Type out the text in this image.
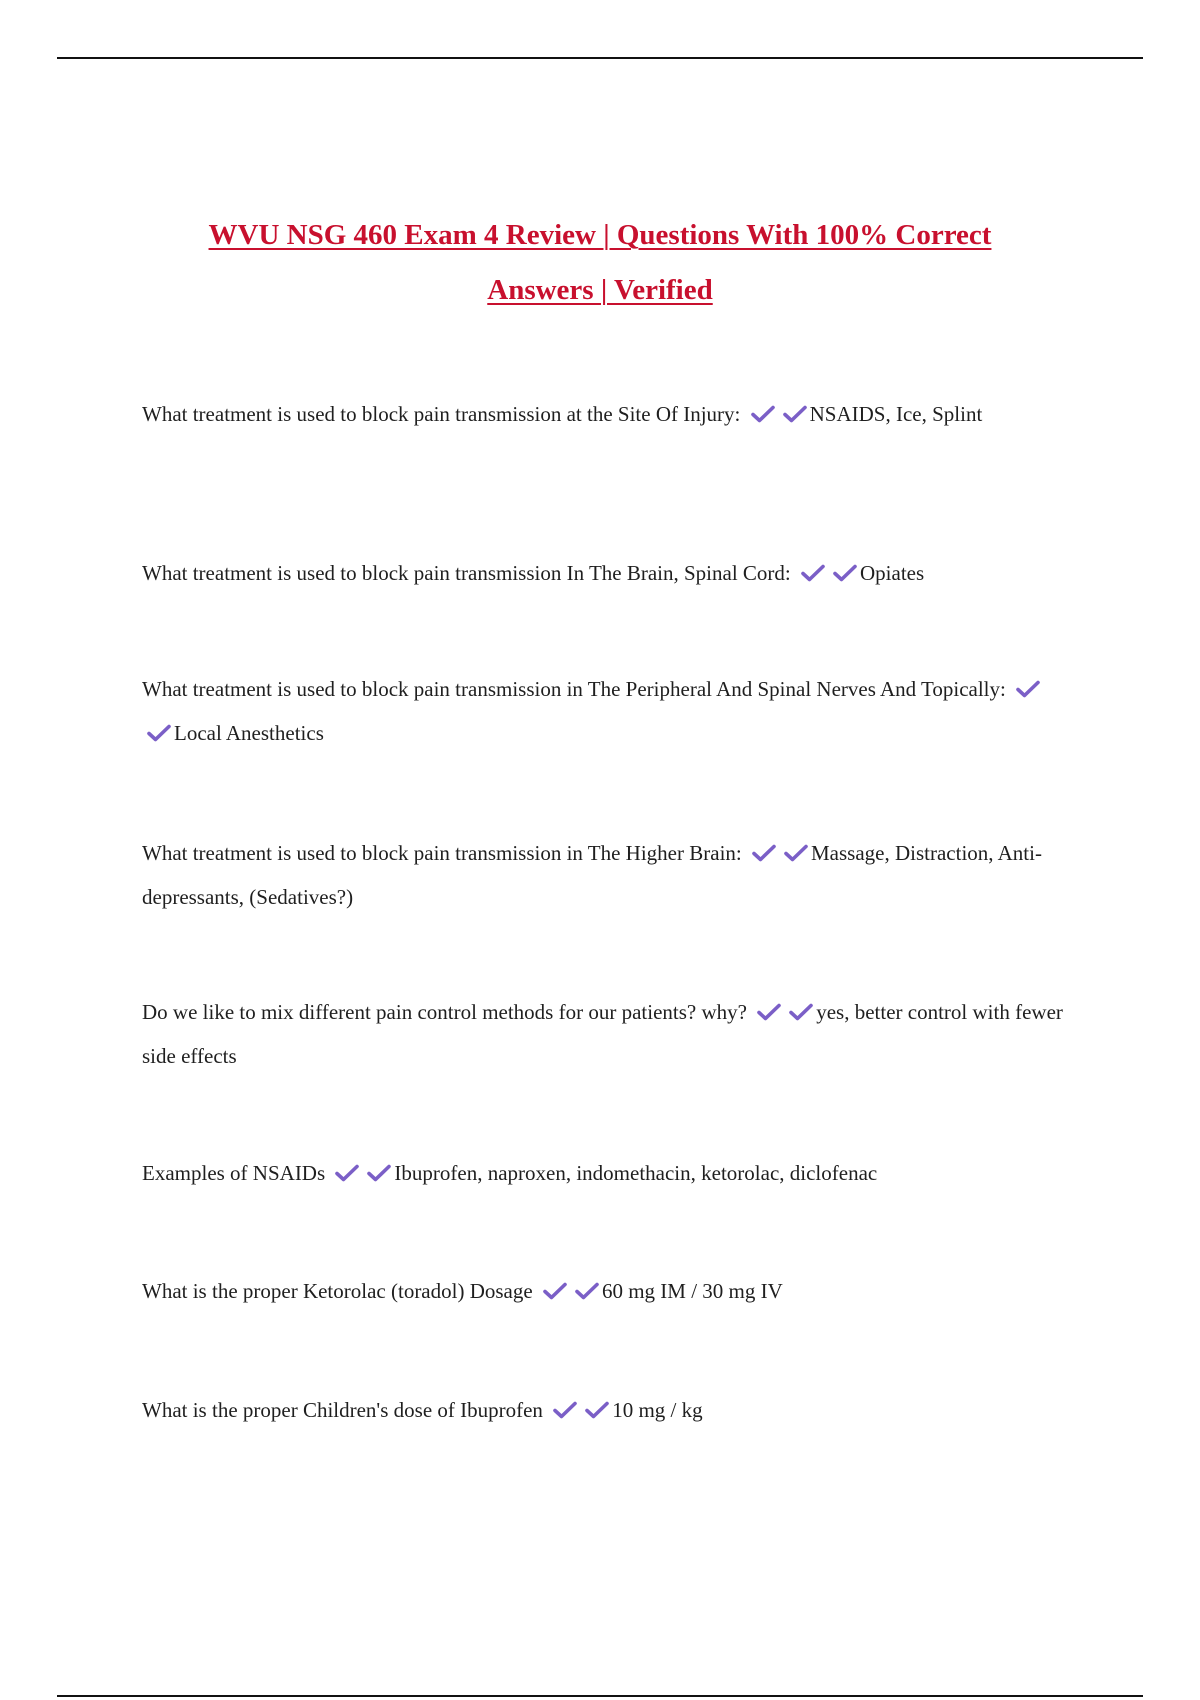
WVU NSG 460 Exam 4 Review | Questions With 100% Correct
Answers | Verified
What treatment is used to block pain transmission at the Site Of Injury:	NSAIDS, Ice, Splint
What treatment is used to block pain transmission In The Brain, Spinal Cord:	Opiates
What treatment is used to block pain transmission in The Peripheral And Spinal Nerves And Topically:
Local Anesthetics
What treatment is used to block pain transmission in The Higher Brain:	Massage, Distraction, Anti- depressants, (Sedatives?)
Do we like to mix different pain control methods for our patients? why?	yes, better control with fewer side effects
Examples of NSAIDs	Ibuprofen, naproxen, indomethacin, ketorolac, diclofenac
What is the proper Ketorolac (toradol) Dosage	60 mg IM / 30 mg IV
What is the proper Children's dose of Ibuprofen	10 mg / kg
